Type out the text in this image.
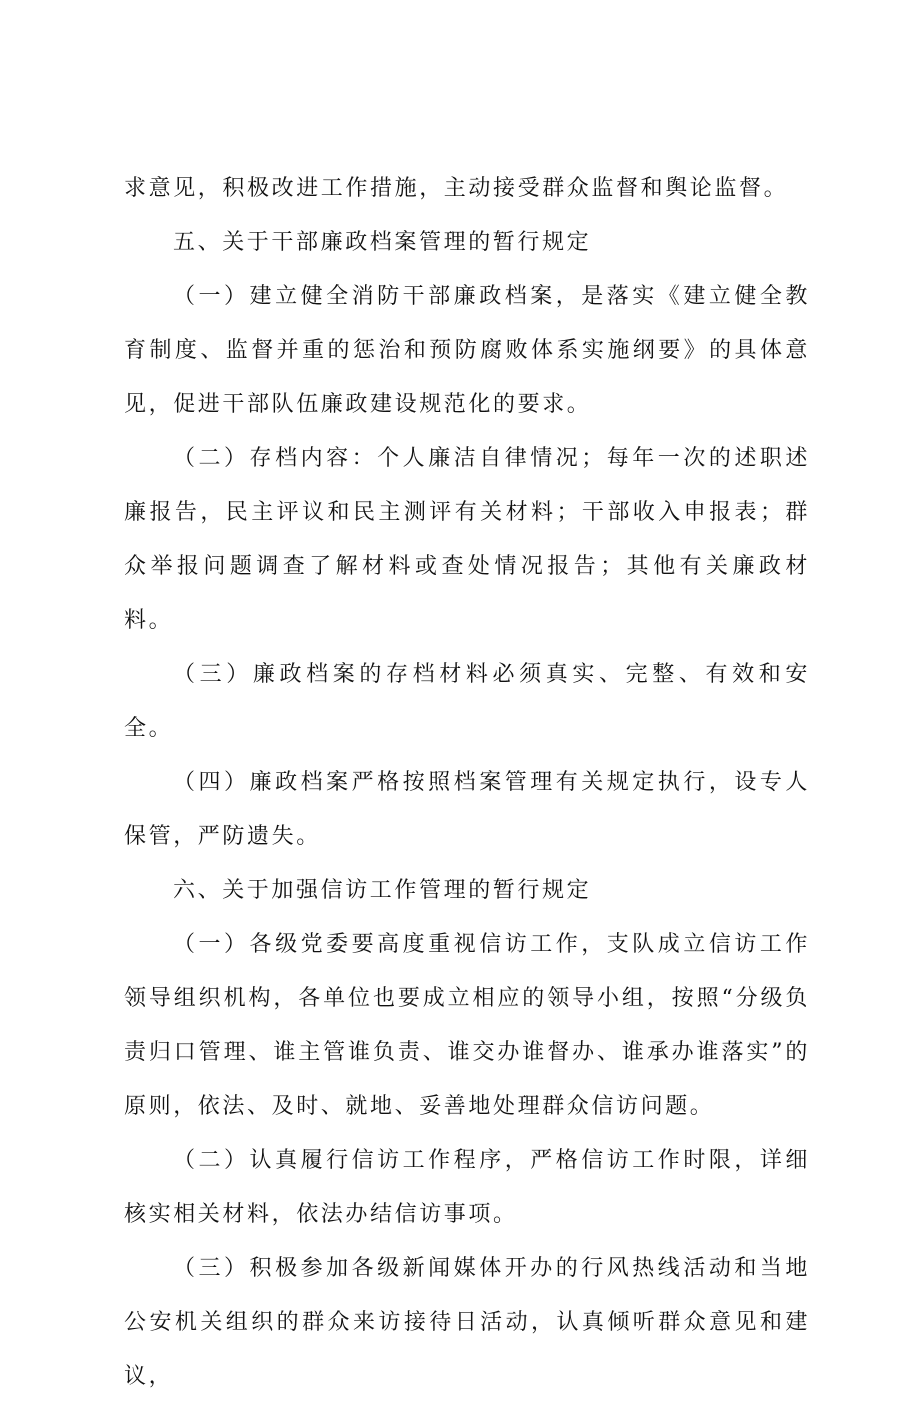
求意见，积极改进工作措施，主动接受群众监督和舆论监督。

五、关于干部廉政档案管理的暂行规定

（一）建立健全消防干部廉政档案，是落实《建立健全教育制度、监督并重的惩治和预防腐败体系实施纲要》的具体意见，促进干部队伍廉政建设规范化的要求。

（二）存档内容：个人廉洁自律情况；每年一次的述职述廉报告，民主评议和民主测评有关材料；干部收入申报表；群众举报问题调查了解材料或查处情况报告；其他有关廉政材料。

（三）廉政档案的存档材料必须真实、完整、有效和安全。

（四）廉政档案严格按照档案管理有关规定执行，设专人保管，严防遗失。

六、关于加强信访工作管理的暂行规定

（一）各级党委要高度重视信访工作，支队成立信访工作领导组织机构，各单位也要成立相应的领导小组，按照“分级负责归口管理、谁主管谁负责、谁交办谁督办、谁承办谁落实”的原则，依法、及时、就地、妥善地处理群众信访问题。

（二）认真履行信访工作程序，严格信访工作时限，详细核实相关材料，依法办结信访事项。

（三）积极参加各级新闻媒体开办的行风热线活动和当地公安机关组织的群众来访接待日活动，认真倾听群众意见和建议，
